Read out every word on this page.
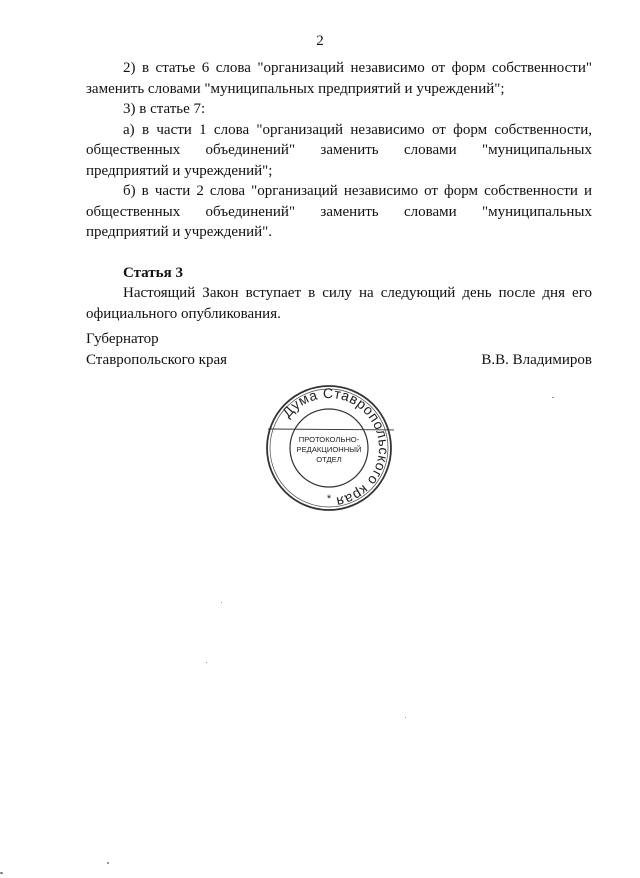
2

2) в статье 6 слова "организаций независимо от форм собственности" заменить словами "муниципальных предприятий и учреждений";

3) в статье 7:

а) в части 1 слова "организаций независимо от форм собственности, общественных объединений" заменить словами "муниципальных предприятий и учреждений";

б) в части 2 слова "организаций независимо от форм собственности и общественных объединений" заменить словами "муниципальных предприятий и учреждений".

Статья 3

Настоящий Закон вступает в силу на следующий день после дня его официального опубликования.

Губернатор
Ставропольского края	В.В. Владимиров
Дума Ставропольского края
ПРОТОКОЛЬНО-
РЕДАКЦИОННЫЙ
ОТДЕЛ
*
